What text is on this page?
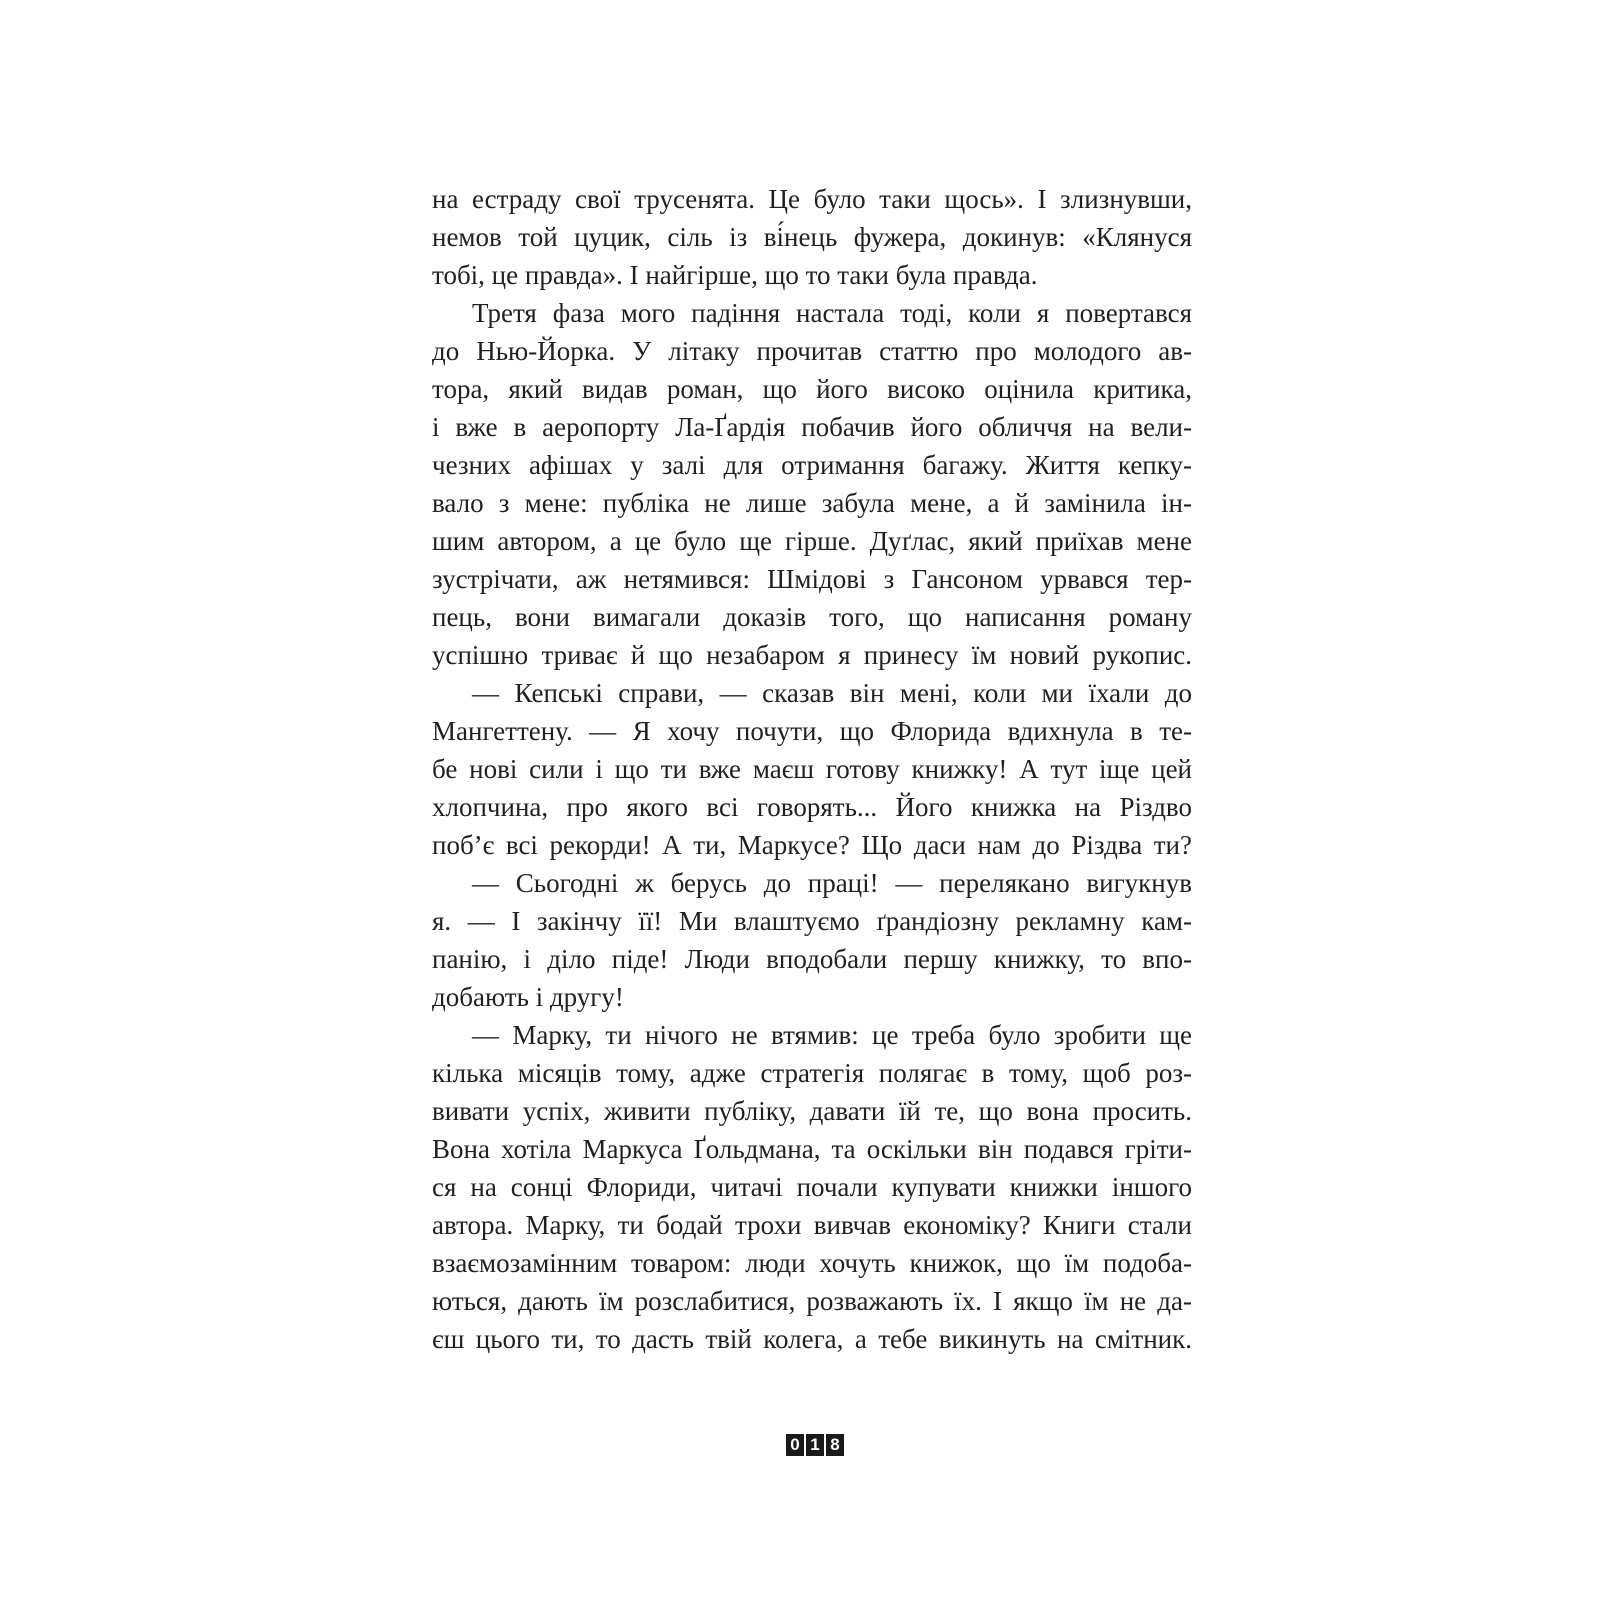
на естраду свої трусенята. Це було таки щось». І злизнувши,
немов той цуцик, сіль із ві́нець фужера, докинув: «Клянуся
тобі, це правда». І найгірше, що то таки була правда.
Третя фаза мого падіння настала тоді, коли я повертався
до Нью-Йорка. У літаку прочитав статтю про молодого ав-
тора, який видав роман, що його високо оцінила критика,
і вже в аеропорту Ла-Ґардія побачив його обличчя на вели-
чезних афішах у залі для отримання багажу. Життя кепку-
вало з мене: публіка не лише забула мене, а й замінила ін-
шим автором, а це було ще гірше. Дуґлас, який приїхав мене
зустрічати, аж нетямився: Шмідові з Гансоном урвався тер-
пець, вони вимагали доказів того, що написання роману
успішно триває й що незабаром я принесу їм новий рукопис.
— Кепські справи, — сказав він мені, коли ми їхали до
Мангеттену. — Я хочу почути, що Флорида вдихнула в те-
бе нові сили і що ти вже маєш готову книжку! А тут іще цей
хлопчина, про якого всі говорять... Його книжка на Різдво
поб’є всі рекорди! А ти, Маркусе? Що даси нам до Різдва ти?
— Сьогодні ж берусь до праці! — перелякано вигукнув
я. — І закінчу її! Ми влаштуємо ґрандіозну рекламну кам-
панію, і діло піде! Люди вподобали першу книжку, то впо-
добають і другу!
— Марку, ти нічого не втямив: це треба було зробити ще
кілька місяців тому, адже стратегія полягає в тому, щоб роз-
вивати успіх, живити публіку, давати їй те, що вона просить.
Вона хотіла Маркуса Ґольдмана, та оскільки він подався гріти-
ся на сонці Флориди, читачі почали купувати книжки іншого
автора. Марку, ти бодай трохи вивчав економіку? Книги стали
взаємозамінним товаром: люди хочуть книжок, що їм подоба-
ються, дають їм розслабитися, розважають їх. І якщо їм не да-
єш цього ти, то дасть твій колега, а тебе викинуть на смітник.
0 1 8
